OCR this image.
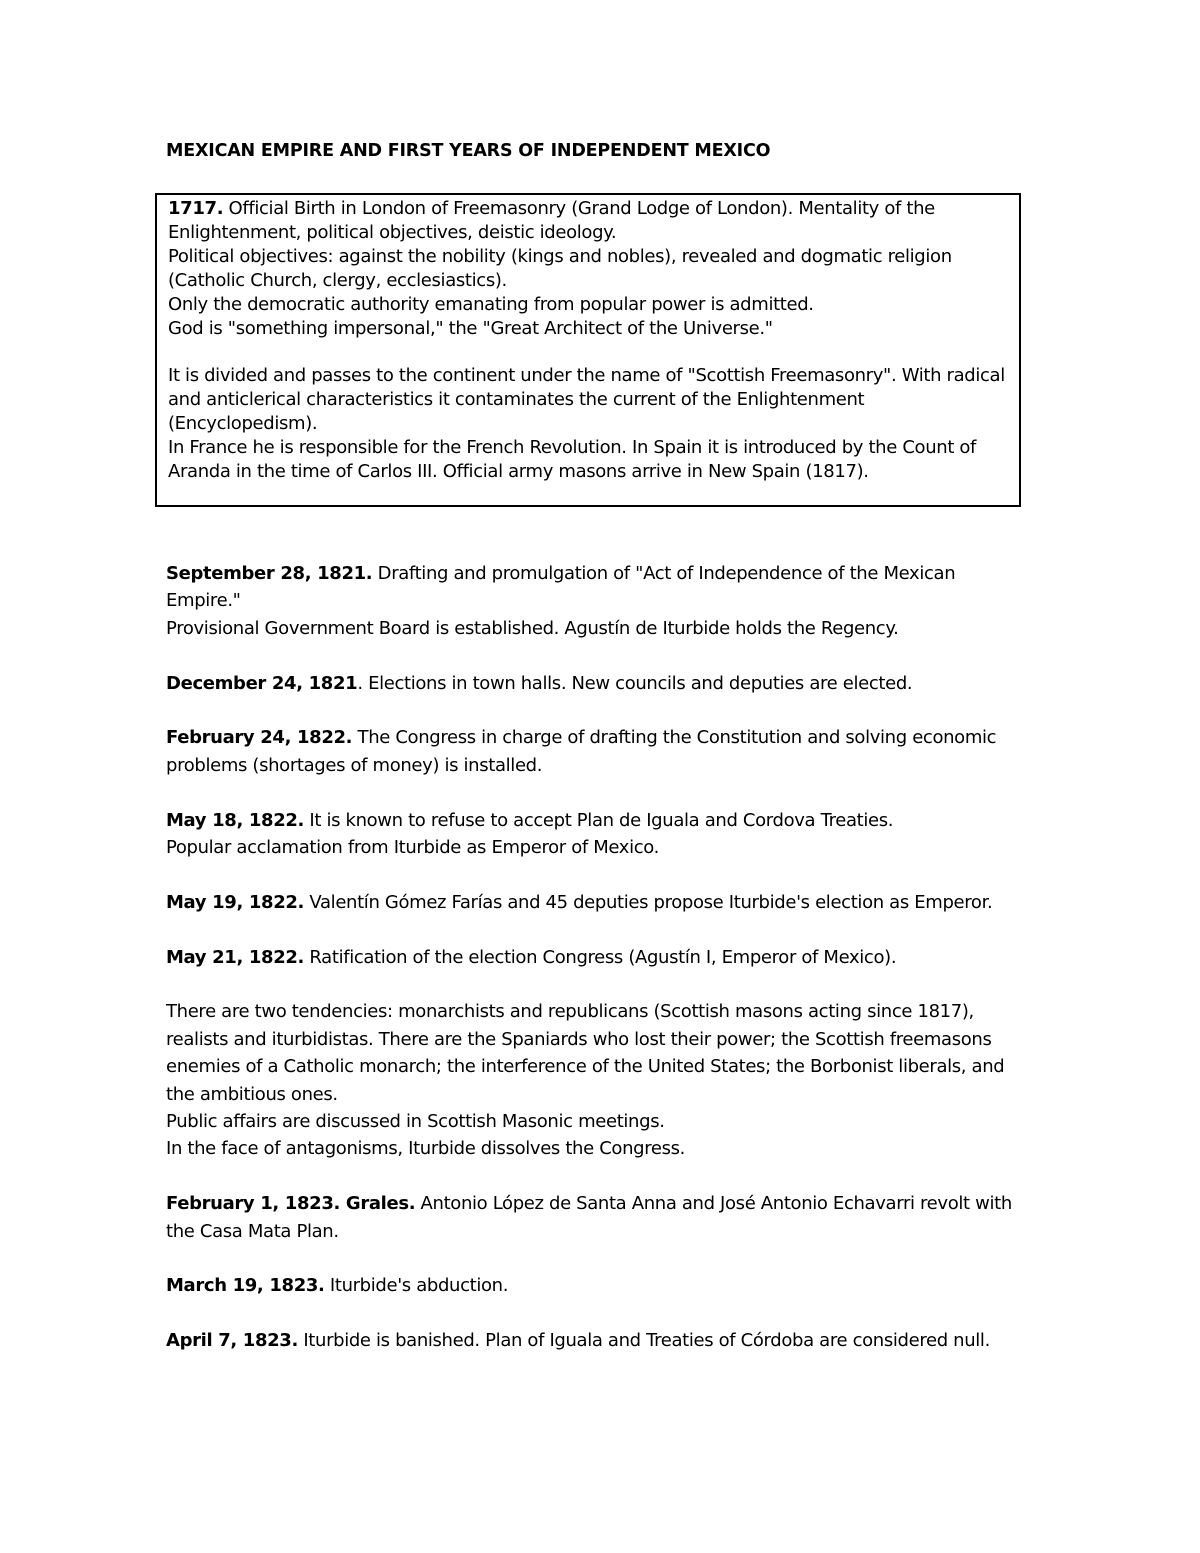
MEXICAN EMPIRE AND FIRST YEARS OF INDEPENDENT MEXICO

1717. Official Birth in London of Freemasonry (Grand Lodge of London). Mentality of the Enlightenment, political objectives, deistic ideology.

Political objectives: against the nobility (kings and nobles), revealed and dogmatic religion (Catholic Church, clergy, ecclesiastics).

Only the democratic authority emanating from popular power is admitted.

God is "something impersonal," the "Great Architect of the Universe."

It is divided and passes to the continent under the name of "Scottish Freemasonry". With radical and anticlerical characteristics it contaminates the current of the Enlightenment (Encyclopedism).

In France he is responsible for the French Revolution. In Spain it is introduced by the Count of Aranda in the time of Carlos III. Official army masons arrive in New Spain (1817).

September 28, 1821. Drafting and promulgation of "Act of Independence of the Mexican Empire."
Provisional Government Board is established. Agustín de Iturbide holds the Regency.

December 24, 1821. Elections in town halls. New councils and deputies are elected.

February 24, 1822. The Congress in charge of drafting the Constitution and solving economic problems (shortages of money) is installed.

May 18, 1822. It is known to refuse to accept Plan de Iguala and Cordova Treaties.
Popular acclamation from Iturbide as Emperor of Mexico.

May 19, 1822. Valentín Gómez Farías and 45 deputies propose Iturbide's election as Emperor.

May 21, 1822. Ratification of the election Congress (Agustín I, Emperor of Mexico).

There are two tendencies: monarchists and republicans (Scottish masons acting since 1817), realists and iturbidistas. There are the Spaniards who lost their power; the Scottish freemasons enemies of a Catholic monarch; the interference of the United States; the Borbonist liberals, and the ambitious ones.
Public affairs are discussed in Scottish Masonic meetings.
In the face of antagonisms, Iturbide dissolves the Congress.

February 1, 1823. Grales. Antonio López de Santa Anna and José Antonio Echavarri revolt with the Casa Mata Plan.

March 19, 1823. Iturbide's abduction.

April 7, 1823. Iturbide is banished. Plan of Iguala and Treaties of Córdoba are considered null.
